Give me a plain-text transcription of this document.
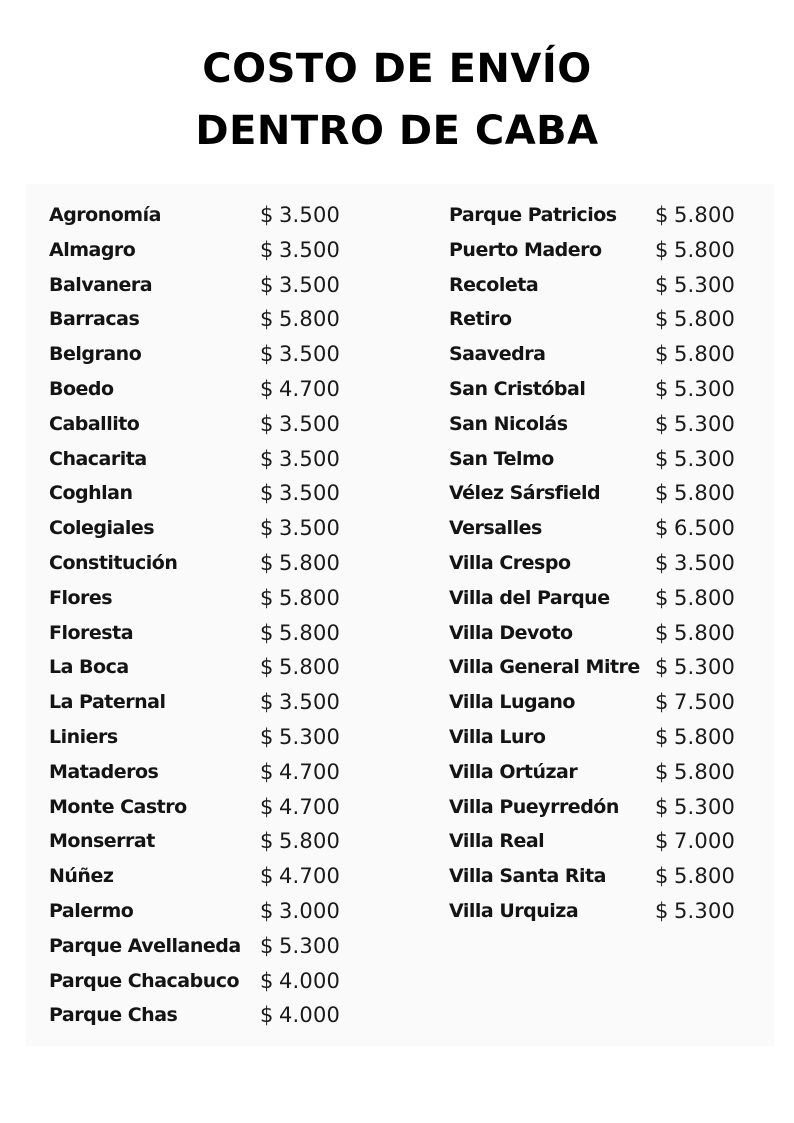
COSTO DE ENVÍO
DENTRO DE CABA
Agronomía	$ 3.500
Almagro	$ 3.500
Balvanera	$ 3.500
Barracas	$ 5.800
Belgrano	$ 3.500
Boedo	$ 4.700
Caballito	$ 3.500
Chacarita	$ 3.500
Coghlan	$ 3.500
Colegiales	$ 3.500
Constitución	$ 5.800
Flores	$ 5.800
Floresta	$ 5.800
La Boca	$ 5.800
La Paternal	$ 3.500
Liniers	$ 5.300
Mataderos	$ 4.700
Monte Castro	$ 4.700
Monserrat	$ 5.800
Núñez	$ 4.700
Palermo	$ 3.000
Parque Avellaneda $ 5.300
Parque Chacabuco $ 4.000
Parque Chas	$ 4.000
Parque Patricios $ 5.800
Puerto Madero	$ 5.800
Recoleta	$ 5.300
Retiro	$ 5.800
Saavedra	$ 5.800
San Cristóbal	$ 5.300
San Nicolás	$ 5.300
San Telmo	$ 5.300
Vélez Sársfield	$ 5.800
Versalles	$ 6.500
Villa Crespo	$ 3.500
Villa del Parque $ 5.800
Villa Devoto	$ 5.800
Villa General Mitre $ 5.300
Villa Lugano	$ 7.500
Villa Luro	$ 5.800
Villa Ortúzar	$ 5.800
Villa Pueyrredón $ 5.300
Villa Real	$ 7.000
Villa Santa Rita $ 5.800
Villa Urquiza	$ 5.300
